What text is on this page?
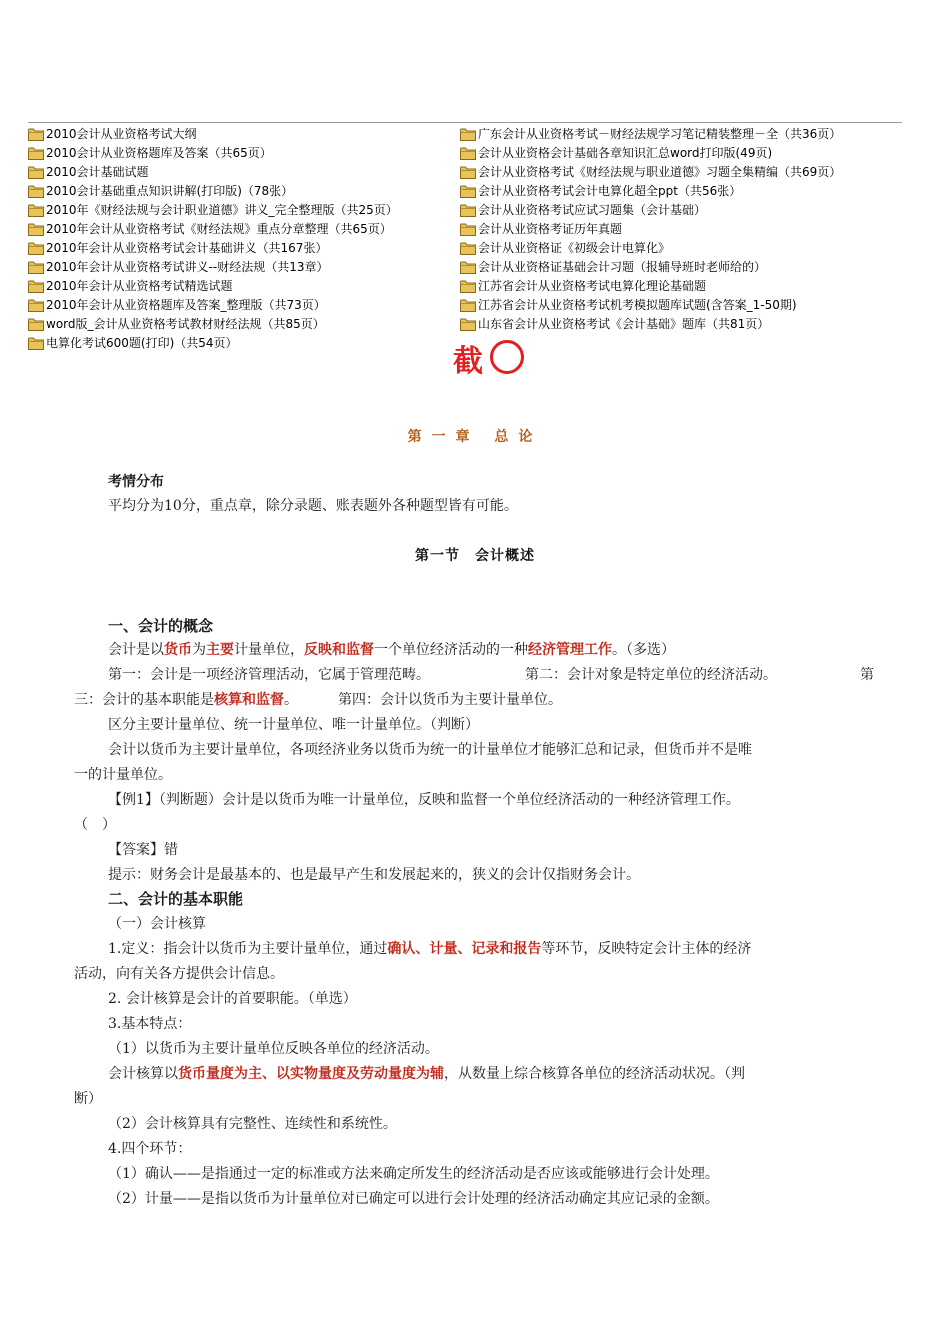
2010会计从业资格考试大纲
2010会计从业资格题库及答案（共65页）
2010会计基础试题
2010会计基础重点知识讲解(打印版)（78张）
2010年《财经法规与会计职业道德》讲义_完全整理版（共25页）
2010年会计从业资格考试《财经法规》重点分章整理（共65页）
2010年会计从业资格考试会计基础讲义（共167张）
2010年会计从业资格考试讲义--财经法规（共13章）
2010年会计从业资格考试精选试题
2010年会计从业资格题库及答案_整理版（共73页）
word版_会计从业资格考试教材财经法规（共85页）
电算化考试600题(打印)（共54页）
广东会计从业资格考试－财经法规学习笔记精装整理－全（共36页）
会计从业资格会计基础各章知识汇总word打印版(49页)
会计从业资格考试《财经法规与职业道德》习题全集精编（共69页）
会计从业资格考试会计电算化超全ppt（共56张）
会计从业资格考试应试习题集（会计基础）
会计从业资格考证历年真题
会计从业资格证《初级会计电算化》
会计从业资格证基础会计习题（报辅导班时老师给的）
江苏省会计从业资格考试电算化理论基础题
江苏省会计从业资格考试机考模拟题库试题(含答案_1-50期)
山东省会计从业资格考试《会计基础》题库（共81页）
截
第一章 总论
考情分布
平均分为10分，重点章，除分录题、账表题外各种题型皆有可能。
第一节　会计概述
一、会计的概念
会计是以货币为主要计量单位，反映和监督一个单位经济活动的一种经济管理工作。（多选）
第一：会计是一项经济管理活动，它属于管理范畴。	第二：会计对象是特定单位的经济活动。	第
三：会计的基本职能是核算和监督。	第四：会计以货币为主要计量单位。
区分主要计量单位、统一计量单位、唯一计量单位。（判断）
会计以货币为主要计量单位，各项经济业务以货币为统一的计量单位才能够汇总和记录，但货币并不是唯
一的计量单位。
【例1】（判断题）会计是以货币为唯一计量单位，反映和监督一个单位经济活动的一种经济管理工作。
（　）
【答案】错
提示：财务会计是最基本的、也是最早产生和发展起来的，狭义的会计仅指财务会计。
二、会计的基本职能
（一）会计核算
1.定义：指会计以货币为主要计量单位，通过确认、计量、记录和报告等环节，反映特定会计主体的经济
活动，向有关各方提供会计信息。
2. 会计核算是会计的首要职能。（单选）
3.基本特点：
（1）以货币为主要计量单位反映各单位的经济活动。
会计核算以货币量度为主、以实物量度及劳动量度为辅，从数量上综合核算各单位的经济活动状况。（判
断）
（2）会计核算具有完整性、连续性和系统性。
4.四个环节：
（1）确认——是指通过一定的标准或方法来确定所发生的经济活动是否应该或能够进行会计处理。
（2）计量——是指以货币为计量单位对已确定可以进行会计处理的经济活动确定其应记录的金额。
